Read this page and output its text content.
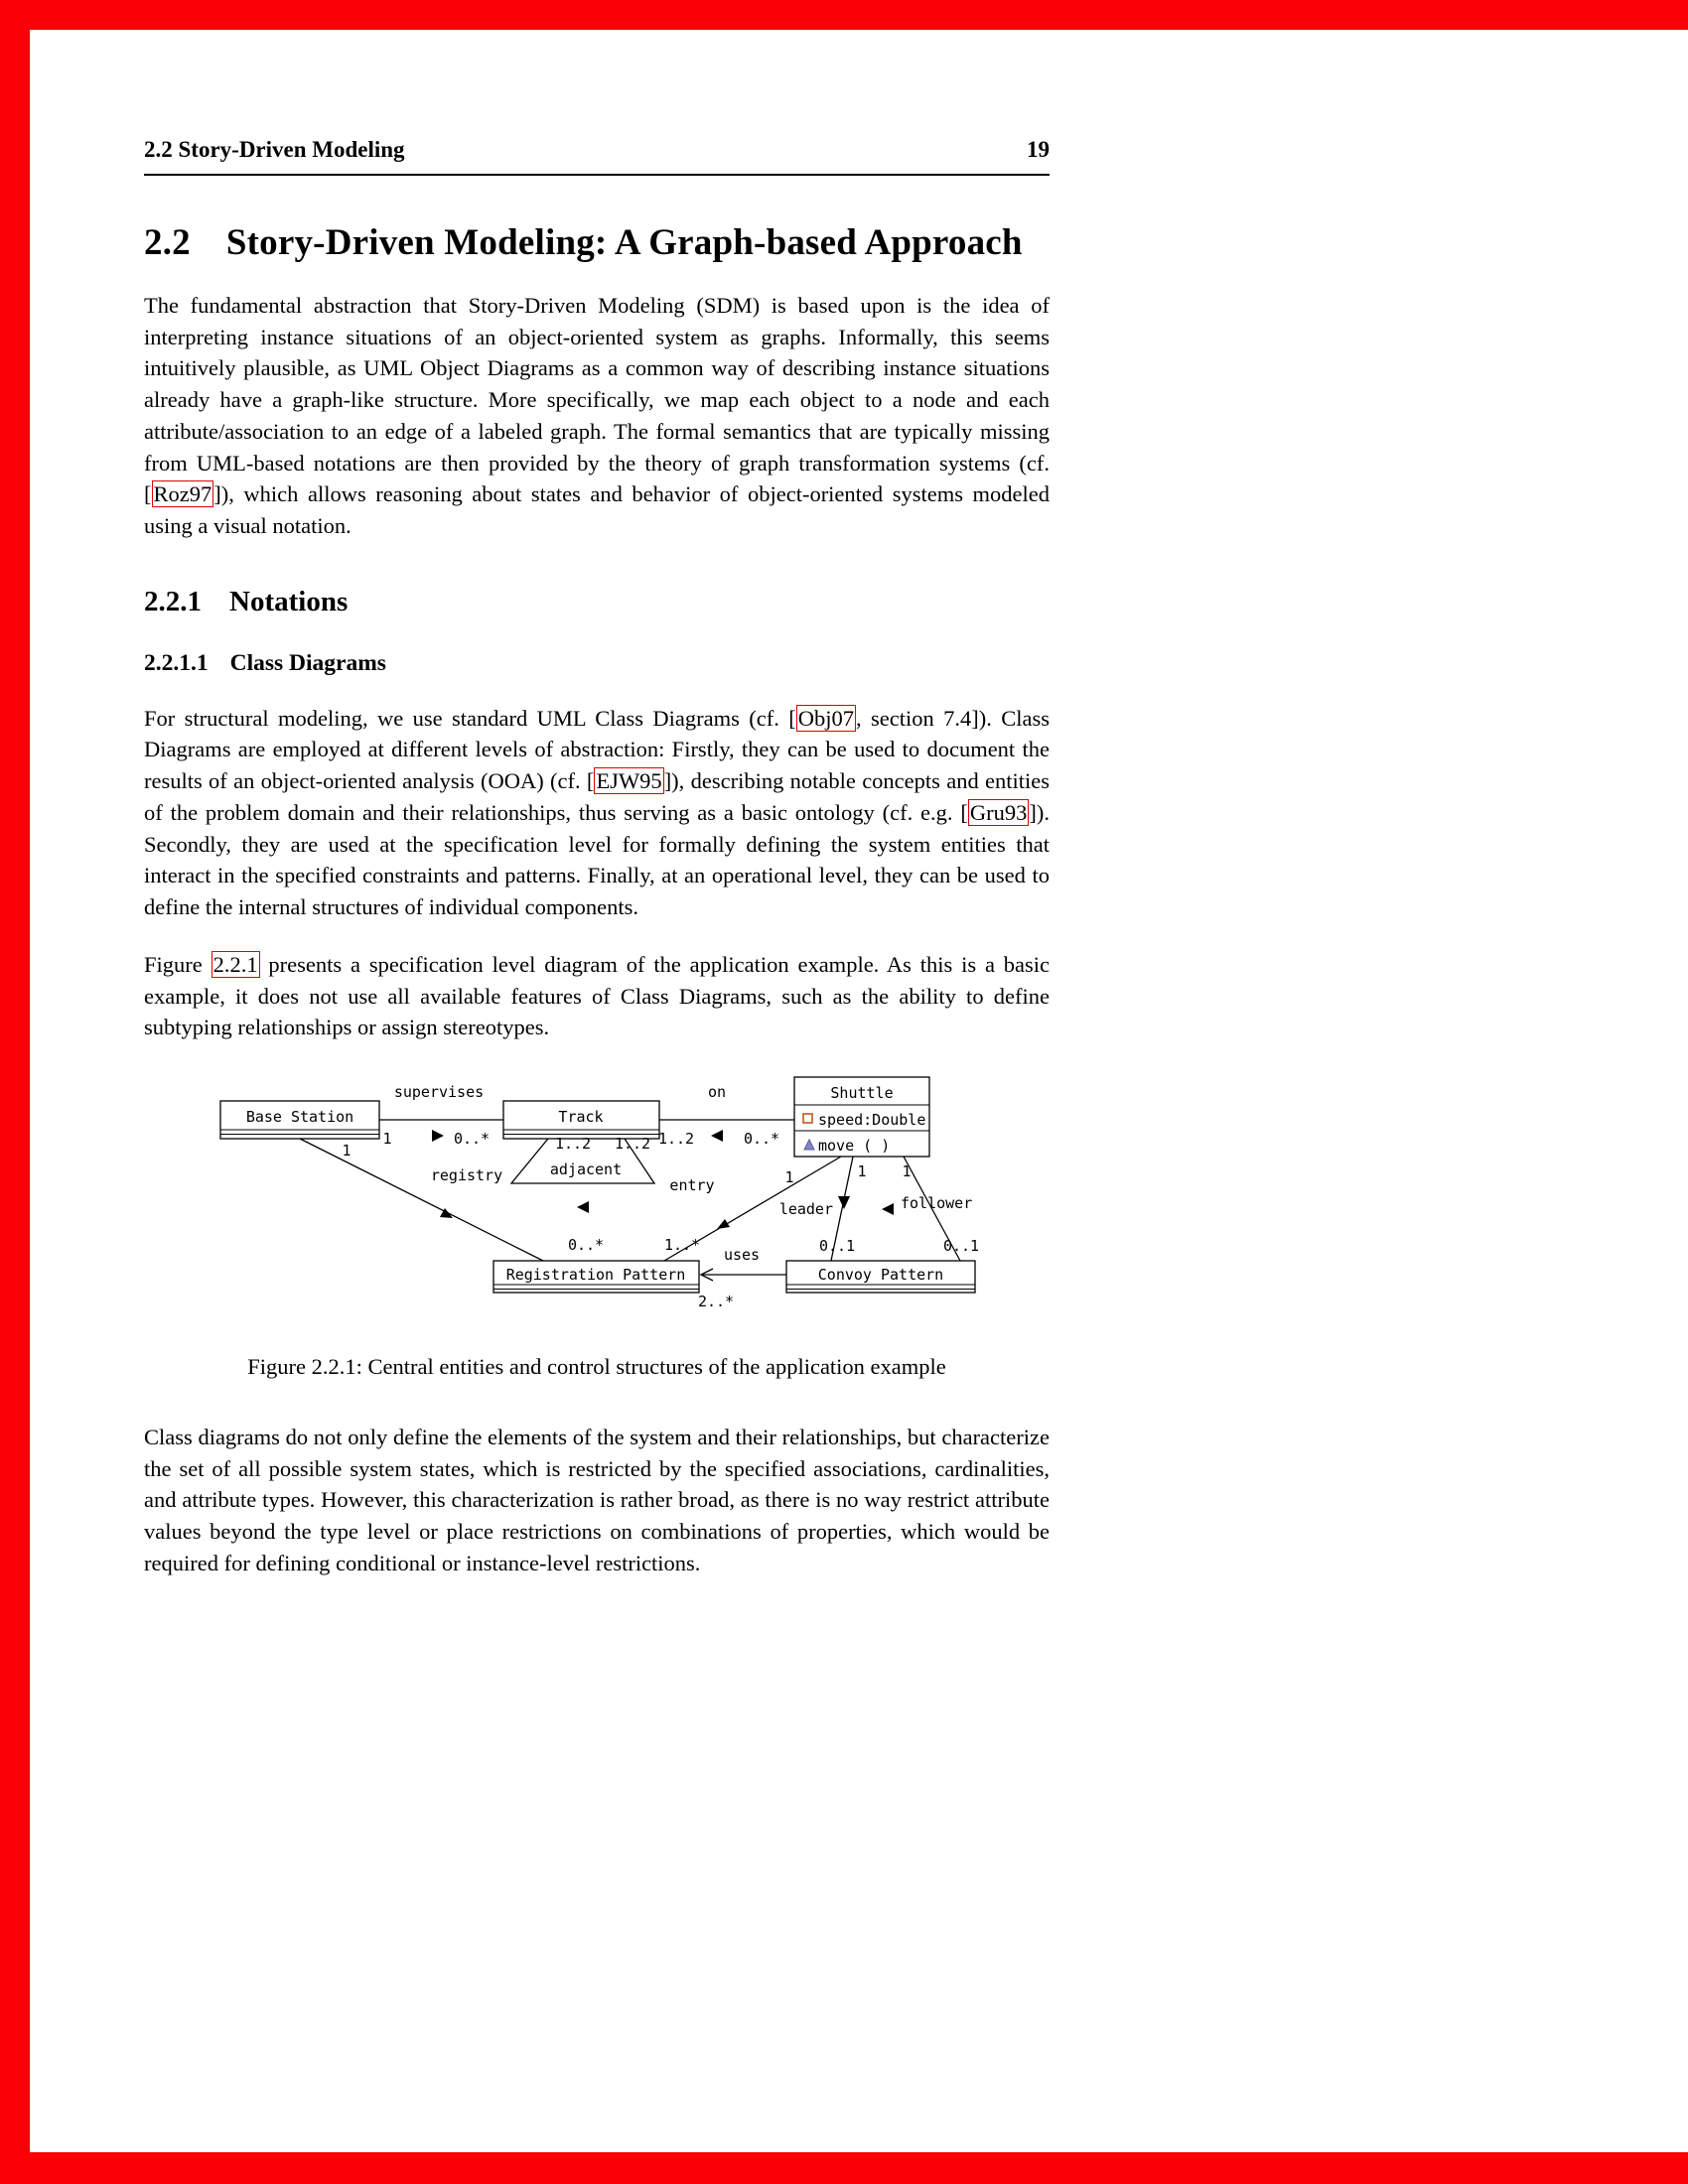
2.2 Story-Driven Modeling	19
2.2 Story-Driven Modeling: A Graph-based Approach

The fundamental abstraction that Story-Driven Modeling (SDM) is based upon is the idea of interpreting instance situations of an object-oriented system as graphs. Informally, this seems intuitively plausible, as UML Object Diagrams as a common way of describing instance situations already have a graph-like structure. More specifically, we map each object to a node and each attribute/association to an edge of a labeled graph. The formal semantics that are typically missing from UML-based notations are then provided by the theory of graph transformation systems (cf. [Roz97]), which allows reasoning about states and behavior of object-oriented systems modeled using a visual notation.

2.2.1 Notations
2.2.1.1 Class Diagrams

For structural modeling, we use standard UML Class Diagrams (cf. [Obj07, section 7.4]). Class Diagrams are employed at different levels of abstraction: Firstly, they can be used to document the results of an object-oriented analysis (OOA) (cf. [EJW95]), describing notable concepts and entities of the problem domain and their relationships, thus serving as a basic ontology (cf. e.g. [Gru93]). Secondly, they are used at the specification level for formally defining the system entities that interact in the specified constraints and patterns. Finally, at an operational level, they can be used to define the internal structures of individual components.

Figure 2.2.1 presents a specification level diagram of the application example. As this is a basic example, it does not use all available features of Class Diagrams, such as the ability to define subtyping relationships or assign stereotypes.

Base Station	Track
Shuttle
speed:Double
move ( )
Registration Pattern	Convoy Pattern
supervises
1	0..*
on
1..2	0..*
1..2 1..2
adjacent
registry
1
0..*
entry	1
1..*
leader
1
0..1
follower
1
0..1
uses
2..*
Figure 2.2.1: Central entities and control structures of the application example

Class diagrams do not only define the elements of the system and their relationships, but characterize the set of all possible system states, which is restricted by the specified associations, cardinalities, and attribute types. However, this characterization is rather broad, as there is no way restrict attribute values beyond the type level or place restrictions on combinations of properties, which would be required for defining conditional or instance-level restrictions.
